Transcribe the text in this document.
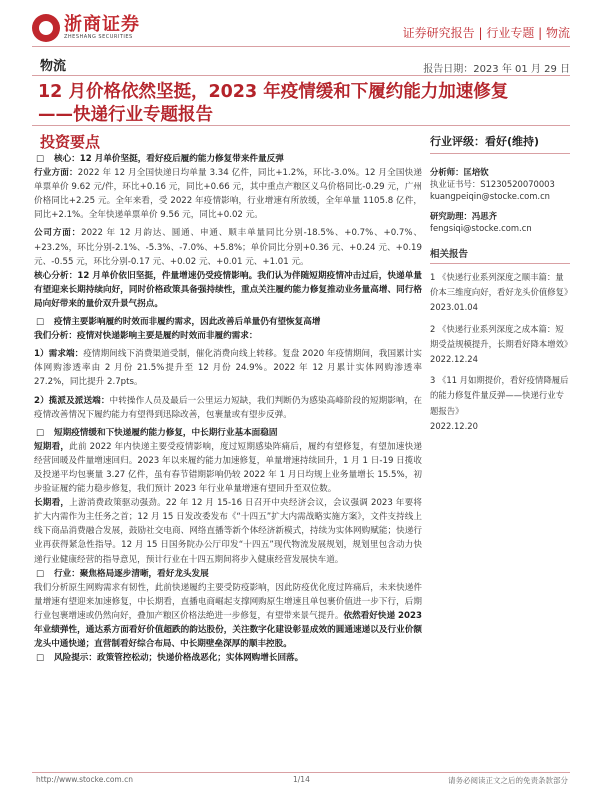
浙商证券
ZHESHANG SECURITIES	证券研究报告 | 行业专题 | 物流
物流	报告日期：2023 年 01 月 29 日
12 月价格依然坚挺，2023 年疫情缓和下履约能力加速修复
——快递行业专题报告
投资要点

□ 核心：12 月单价坚挺，看好疫后履约能力修复带来件量反弹

行业方面：2022 年 12 月全国快递日均单量 3.34 亿件，同比+1.2%，环比-3.0%。12 月全国快递单票单价 9.62 元/件，环比+0.16 元，同比+0.66 元，其中重点产粮区义乌价格同比-0.29 元，广州价格同比+2.25 元。全年来看，受 2022 年疫情影响，行业增速有所放缓，全年单量 1105.8 亿件，同比+2.1%。全年快递单票单价 9.56 元，同比+0.02 元。

公司方面：2022 年 12 月韵达、圆通、申通、顺丰单量同比分别-18.5%、+0.7%、+0.7%、+23.2%，环比分别-2.1%、-5.3%、-7.0%、+5.8%；单价同比分别+0.36 元、+0.24 元、+0.19 元、-0.55 元，环比分别-0.17 元、+0.02 元、+0.01 元、+1.01 元。

核心分析：12 月单价依旧坚挺，件量增速仍受疫情影响。我们认为伴随短期疫情冲击过后，快递单量有望迎来长期持续向好，同时价格政策具备强持续性，重点关注履约能力修复推动业务量高增、同行格局向好带来的量价双升景气拐点。

□ 疫情主要影响履约时效而非履约需求，因此改善后单量仍有望恢复高增

我们分析：疫情对快递影响主要是履约时效而非履约需求：

1）需求端：疫情期间线下消费渠道受制，催化消费向线上转移。复盘 2020 年疫情期间，我国累计实体网购渗透率由 2 月份 21.5%提升至 12 月份 24.9%。2022 年 12 月累计实体网购渗透率 27.2%，同比提升 2.7pts。

2）揽派及派送端：中转操作人员及最后一公里运力短缺，我们判断仍为感染高峰阶段的短期影响，在疫情改善情况下履约能力有望得到迅除改善，包裹量或有望步反弹。

□ 短期疫情缓和下快递履约能力修复，中长期行业基本面稳固

短期看，此前 2022 年内快递主要受疫情影响，度过短期感染阵痛后，履约有望修复，有望加速快递经营回暖及件量增速回归。2023 年以来履约能力加速修复，单量增速持续回升，1 月 1 日-19 日揽收及投递平均包裹量 3.27 亿件，虽有春节错期影响仍较 2022 年 1 月日均规上业务量增长 15.5%，初步验证履约能力稳步修复，我们预计 2023 年行业单量增速有望回升至双位数。

长期看，上游消费政策驱动强劲。22 年 12 月 15-16 日召开中央经济会议，会议强调 2023 年要将扩大内需作为主任务之首；12 月 15 日发改委发布《“十四五”扩大内需战略实施方案》，文件支持线上线下商品消费融合发展，鼓励社交电商、网络直播等新个体经济新模式，持续为实体网购赋能；快递行业再获得紧急性指导。12 月 15 日国务院办公厅印发“十四五”现代物流发展规划，规划里包含动力快递行业健康经营的指导意见，预计行业在十四五期间将步入健康经营发展快车道。

□ 行业：聚焦格局逐步清晰，看好龙头发展

我们分析原生网购需求有韧性，此前快递履约主要受防疫影响，因此防疫优化度过阵痛后，未来快递件量增速有望迎来加速修复，中长期看，直播电商崛起支撑网购原生增速且单包裹价值进一步下行，后期行业包裹增速或仍然向好，叠加产粮区价格法绝进一步修复，有望带来景气提升。依然看好快递 2023 年业绩弹性，通达系方面看好价值超跌的韵达股份，关注数字化建设彰显成效的圆通速递以及行业价额龙头中通快递；直营制看好综合布局、中长期壁垒深厚的顺丰控股。

□ 风险提示：政策管控松动；快递价格战恶化；实体网购增长回落。

行业评级：看好(维持)
分析师：匡培钦
执业证书号：S1230520070003
kuangpeiqin@stocke.com.cn
研究助理：冯思齐
fengsiqi@stocke.com.cn
相关报告
1 《快递行业系列深度之顺丰篇：量价本三维度向好，看好龙头价值修复》
2023.01.04
2 《快递行业系列深度之成本篇：短期受益规模提升，长期看好降本增效》
2022.12.24
3 《11 月如期提价，看好疫情降履后的能力修复件量反弹——快递行业专题报告》
2022.12.20
http://www.stocke.com.cn	1/14	请务必阅读正文之后的免责条款部分
